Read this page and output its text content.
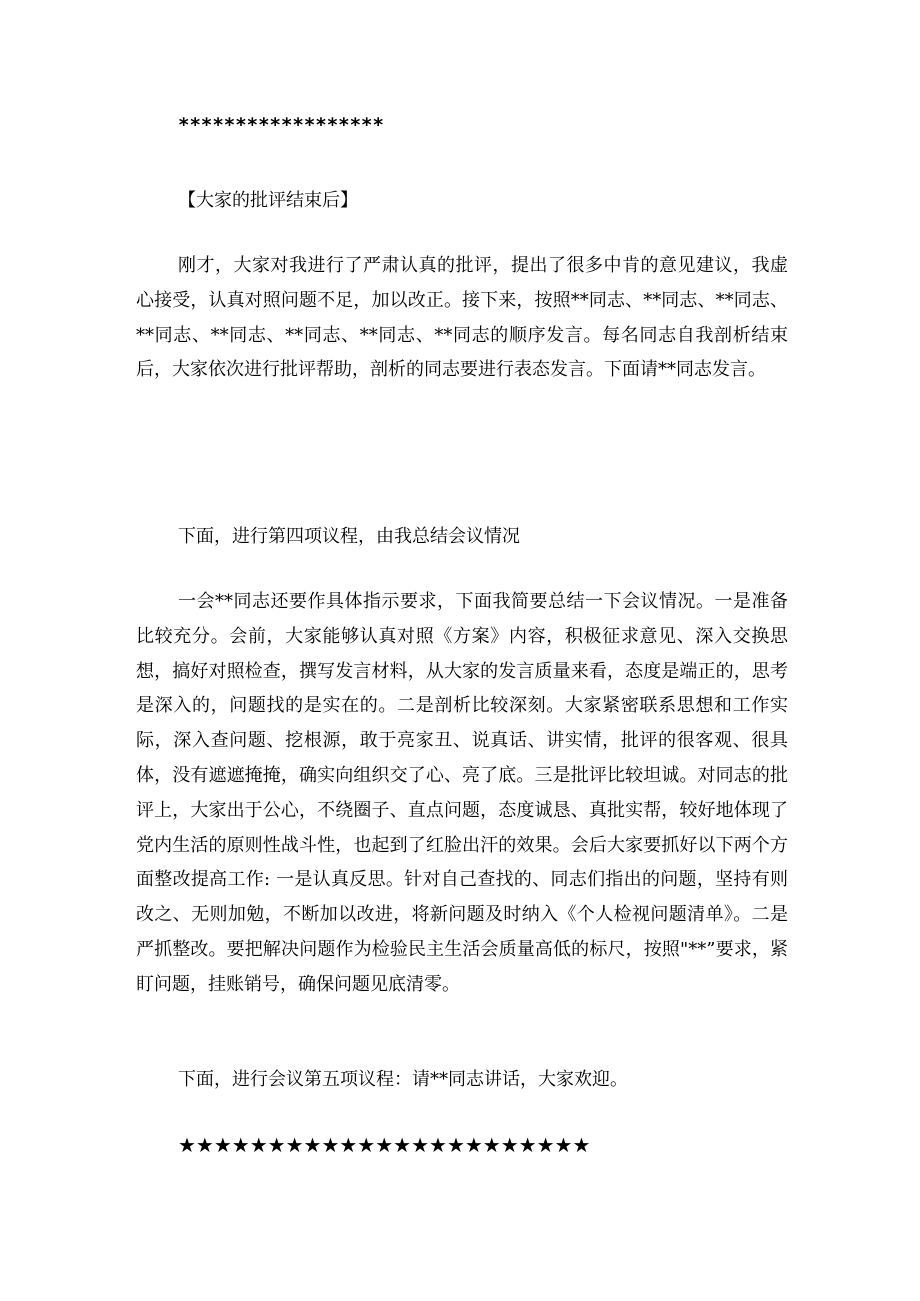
******************
【大家的批评结束后】

刚才，大家对我进行了严肃认真的批评，提出了很多中肯的意见建议，我虚心接受，认真对照问题不足，加以改正。接下来，按照**同志、**同志、**同志、**同志、**同志、**同志、**同志、**同志的顺序发言。每名同志自我剖析结束后，大家依次进行批评帮助，剖析的同志要进行表态发言。下面请**同志发言。

下面，进行第四项议程，由我总结会议情况

一会**同志还要作具体指示要求，下面我简要总结一下会议情况。一是准备比较充分。会前，大家能够认真对照《方案》内容，积极征求意见、深入交换思想，搞好对照检查，撰写发言材料，从大家的发言质量来看，态度是端正的，思考是深入的，问题找的是实在的。二是剖析比较深刻。大家紧密联系思想和工作实际，深入查问题、挖根源，敢于亮家丑、说真话、讲实情，批评的很客观、很具体，没有遮遮掩掩，确实向组织交了心、亮了底。三是批评比较坦诚。对同志的批评上，大家出于公心，不绕圈子、直点问题，态度诚恳、真批实帮，较好地体现了党内生活的原则性战斗性，也起到了红脸出汗的效果。会后大家要抓好以下两个方面整改提高工作: 一是认真反思。针对自己查找的、同志们指出的问题，坚持有则改之、无则加勉，不断加以改进，将新问题及时纳入《个人检视问题清单》。二是严抓整改。要把解决问题作为检验民主生活会质量高低的标尺，按照"**”要求，紧盯问题，挂账销号，确保问题见底清零。

下面，进行会议第五项议程：请**同志讲话，大家欢迎。

★★★★★★★★★★★★★★★★★★★★★★★
